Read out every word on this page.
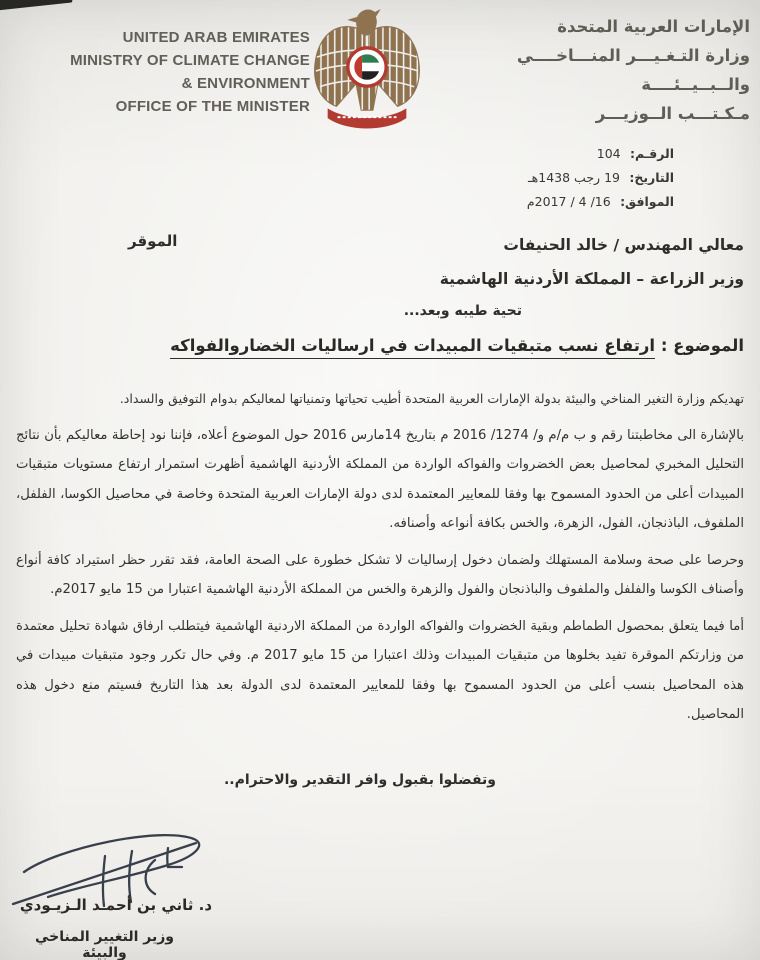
UNITED ARAB EMIRATES
MINISTRY OF CLIMATE CHANGE
& ENVIRONMENT
OFFICE OF THE MINISTER
الإمارات العربية المتحدة
وزارة التـغـيـــر المنـــاخــــي
والــبــيــئــــة
مـكـتـــب الــوزيـــر
الرقـم: 104
التاريخ: 19 رجب 1438هـ
الموافق: 16/ 4 / 2017م
معالي المهندس / خالد الحنيفات
وزير الزراعة – المملكة الأردنية الهاشمية
الموقر
تحية طيبه وبعد...
الموضوع : ارتفاع نسب متبقيات المبيدات في ارساليات الخضاروالفواكه

تهديكم وزارة التغير المناخي والبيئة بدولة الإمارات العربية المتحدة أطيب تحياتها وتمنياتها لمعاليكم بدوام التوفيق والسداد.

بالإشارة الى مخاطبتنا رقم و ب م/م و/ 1274/ 2016 م بتاريخ 14مارس 2016 حول الموضوع أعلاه، فإننا نود إحاطة معاليكم بأن نتائج التحليل المخبري لمحاصيل بعض الخضروات والفواكه الواردة من المملكة الأردنية الهاشمية أظهرت استمرار ارتفاع مستويات متبقيات المبيدات أعلى من الحدود المسموح بها وفقا للمعايير المعتمدة لدى دولة الإمارات العربية المتحدة وخاصة في محاصيل الكوسا، الفلفل، الملفوف، الباذنجان، الفول، الزهرة، والخس بكافة أنواعه وأصنافه.

وحرصا على صحة وسلامة المستهلك ولضمان دخول إرساليات لا تشكل خطورة على الصحة العامة، فقد تقرر حظر استيراد كافة أنواع وأصناف الكوسا والفلفل والملفوف والباذنجان والفول والزهرة والخس من المملكة الأردنية الهاشمية اعتبارا من 15 مايو 2017م.

أما فيما يتعلق بمحصول الطماطم وبقية الخضروات والفواكه الواردة من المملكة الاردنية الهاشمية فيتطلب ارفاق شهادة تحليل معتمدة من وزارتكم الموقرة تفيد بخلوها من متبقيات المبيدات وذلك اعتبارا من 15 مايو 2017 م. وفي حال تكرر وجود متبقيات مبيدات في هذه المحاصيل بنسب أعلى من الحدود المسموح بها وفقا للمعايير المعتمدة لدى الدولة بعد هذا التاريخ فسيتم منع دخول هذه المحاصيل.

وتفضلوا بقبول وافر التقدير والاحترام..
د. ثاني بن أحمـد الـزيـودي
وزير التغيير المناخي والبيئة
